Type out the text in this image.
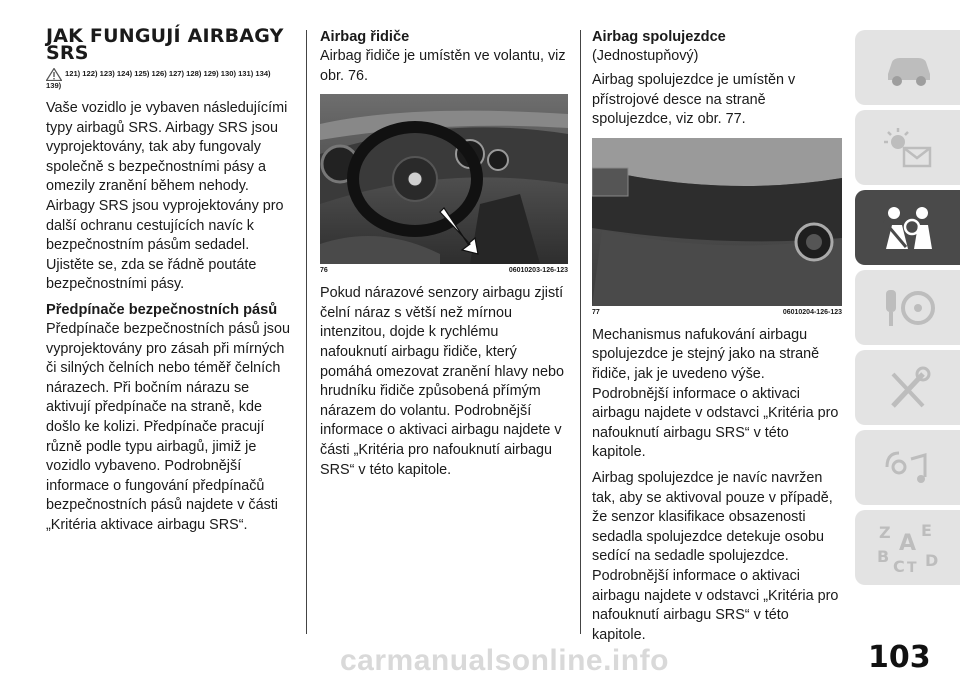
JAK FUNGUJÍ AIRBAGY
SRS
121) 122) 123) 124) 125) 126) 127) 128) 129) 130) 131) 134)
139)

Vaše vozidlo je vybaven následujícími typy airbagů SRS. Airbagy SRS jsou vyprojektovány, tak aby fungovaly společně s bezpečnostními pásy a omezily zranění během nehody. Airbagy SRS jsou vyprojektovány pro další ochranu cestujících navíc k bezpečnostním pásům sedadel. Ujistěte se, zda se řádně poutáte bezpečnostními pásy.

Předpínače bezpečnostních pásů

Předpínače bezpečnostních pásů jsou vyprojektovány pro zásah při mírných či silných čelních nebo téměř čelních nárazech. Při bočním nárazu se aktivují předpínače na straně, kde došlo ke kolizi. Předpínače pracují různě podle typu airbagů, jimiž je vozidlo vybaveno. Podrobnější informace o fungování předpínačů bezpečnostních pásů najdete v části „Kritéria aktivace airbagu SRS“.

Airbag řidiče

Airbag řidiče je umístěn ve volantu, viz obr. 76.

76	06010203-126-123

Pokud nárazové senzory airbagu zjistí čelní náraz s větší než mírnou intenzitou, dojde k rychlému nafouknutí airbagu řidiče, který pomáhá omezovat zranění hlavy nebo hrudníku řidiče způsobená přímým nárazem do volantu. Podrobnější informace o aktivaci airbagu najdete v části „Kritéria pro nafouknutí airbagu SRS“ v této kapitole.

Airbag spolujezdce
(Jednostupňový)

Airbag spolujezdce je umístěn v přístrojové desce na straně spolujezdce, viz obr. 77.

77	06010204-126-123

Mechanismus nafukování airbagu spolujezdce je stejný jako na straně řidiče, jak je uvedeno výše. Podrobnější informace o aktivaci airbagu najdete v odstavci „Kritéria pro nafouknutí airbagu SRS“ v této kapitole.

Airbag spolujezdce je navíc navržen tak, aby se aktivoval pouze v případě, že senzor klasifikace obsazenosti sedadla spolujezdce detekuje osobu sedící na sedadle spolujezdce. Podrobnější informace o aktivaci airbagu najdete v odstavci „Kritéria pro nafouknutí airbagu SRS“ v této kapitole.

Z E
A
B
C T D
carmanualsonline.info	103
